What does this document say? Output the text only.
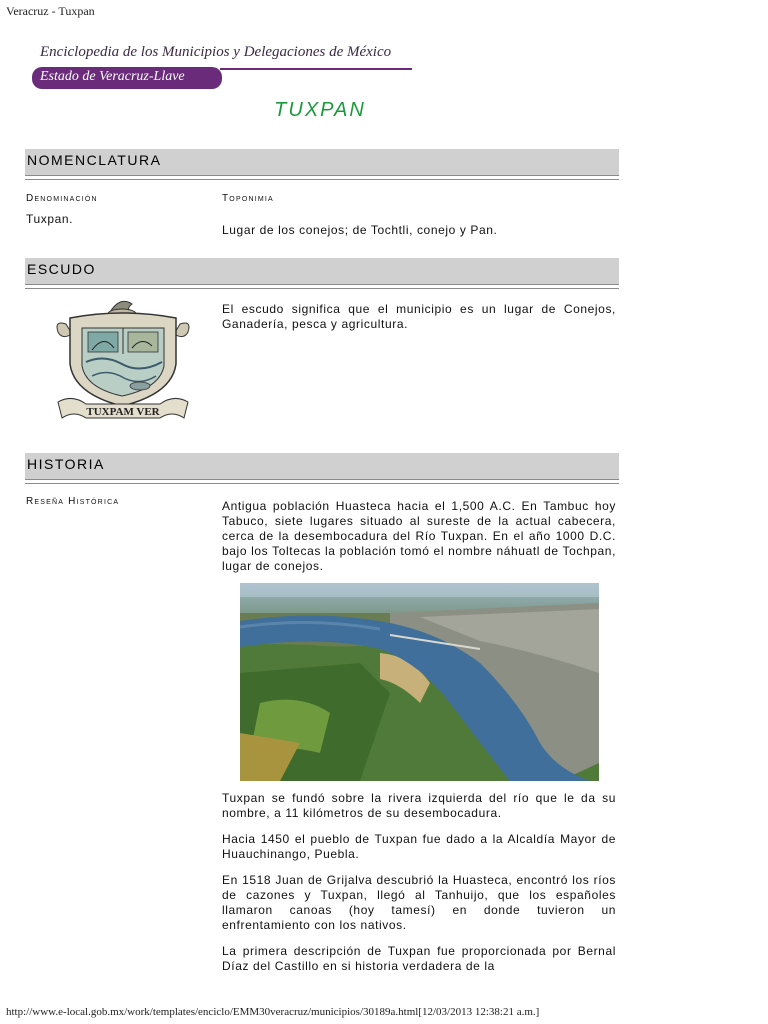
Veracruz - Tuxpan
Enciclopedia de los Municipios y Delegaciones de México
Estado de Veracruz-Llave
TUXPAN
NOMENCLATURA
Denominación
Tuxpan.
Toponimia
Lugar de los conejos; de Tochtli, conejo y Pan.
ESCUDO
TUXPAM VER

El escudo significa que el municipio es un lugar de Conejos, Ganadería, pesca y agricultura.

HISTORIA
Reseña Histórica	Antigua población Huasteca hacia el 1,500 A.C. En Tambuc hoy Tabuco, siete lugares situado al sureste de la actual cabecera, cerca de la desembocadura del Río Tuxpan. En el año 1000 D.C. bajo los Toltecas la población tomó el nombre náhuatl de Tochpan, lugar de conejos.

Tuxpan se fundó sobre la rivera izquierda del río que le da su nombre, a 11 kilómetros de su desembocadura.

Hacia 1450 el pueblo de Tuxpan fue dado a la Alcaldía Mayor de Huauchinango, Puebla.

En 1518 Juan de Grijalva descubrió la Huasteca, encontró los ríos de cazones y Tuxpan, llegó al Tanhuijo, que los españoles llamaron canoas (hoy tamesí) en donde tuvieron un enfrentamiento con los nativos.

La primera descripción de Tuxpan fue proporcionada por Bernal Díaz del Castillo en si historia verdadera de la

http://www.e-local.gob.mx/work/templates/enciclo/EMM30veracruz/municipios/30189a.html[12/03/2013 12:38:21 a.m.]
